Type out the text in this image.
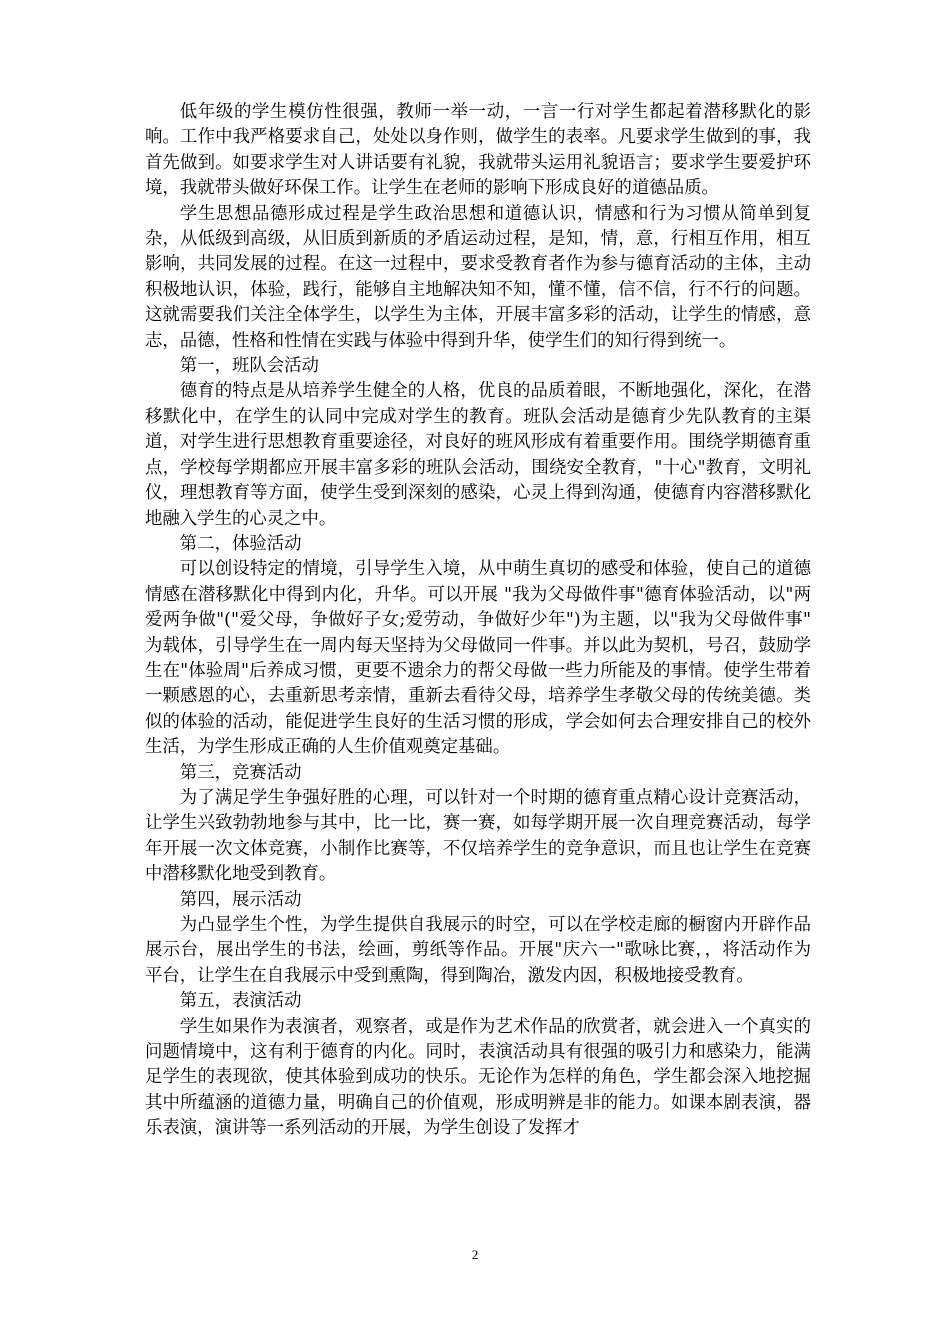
低年级的学生模仿性很强，教师一举一动，一言一行对学生都起着潜移默化的影响。工作中我严格要求自己，处处以身作则，做学生的表率。凡要求学生做到的事，我首先做到。如要求学生对人讲话要有礼貌，我就带头运用礼貌语言；要求学生要爱护环境，我就带头做好环保工作。让学生在老师的影响下形成良好的道德品质。

学生思想品德形成过程是学生政治思想和道德认识，情感和行为习惯从简单到复杂，从低级到高级，从旧质到新质的矛盾运动过程，是知，情，意，行相互作用，相互影响，共同发展的过程。在这一过程中，要求受教育者作为参与德育活动的主体，主动积极地认识，体验，践行，能够自主地解决知不知，懂不懂，信不信，行不行的问题。这就需要我们关注全体学生，以学生为主体，开展丰富多彩的活动，让学生的情感，意志，品德，性格和性情在实践与体验中得到升华，使学生们的知行得到统一。

第一，班队会活动

德育的特点是从培养学生健全的人格，优良的品质着眼，不断地强化，深化，在潜移默化中，在学生的认同中完成对学生的教育。班队会活动是德育少先队教育的主渠道，对学生进行思想教育重要途径，对良好的班风形成有着重要作用。围绕学期德育重点，学校每学期都应开展丰富多彩的班队会活动，围绕安全教育，"十心"教育，文明礼仪，理想教育等方面，使学生受到深刻的感染，心灵上得到沟通，使德育内容潜移默化地融入学生的心灵之中。

第二，体验活动

可以创设特定的情境，引导学生入境，从中萌生真切的感受和体验，使自己的道德情感在潜移默化中得到内化，升华。可以开展 "我为父母做件事"德育体验活动，以"两爱两争做"("爱父母，争做好子女;爱劳动，争做好少年")为主题，以"我为父母做件事" 为载体，引导学生在一周内每天坚持为父母做同一件事。并以此为契机，号召，鼓励学生在"体验周"后养成习惯，更要不遗余力的帮父母做一些力所能及的事情。使学生带着一颗感恩的心，去重新思考亲情，重新去看待父母，培养学生孝敬父母的传统美德。类似的体验的活动，能促进学生良好的生活习惯的形成，学会如何去合理安排自己的校外生活，为学生形成正确的人生价值观奠定基础。

第三，竞赛活动

为了满足学生争强好胜的心理，可以针对一个时期的德育重点精心设计竞赛活动，让学生兴致勃勃地参与其中，比一比，赛一赛，如每学期开展一次自理竞赛活动，每学年开展一次文体竞赛，小制作比赛等，不仅培养学生的竞争意识，而且也让学生在竞赛中潜移默化地受到教育。

第四，展示活动

为凸显学生个性，为学生提供自我展示的时空，可以在学校走廊的橱窗内开辟作品展示台，展出学生的书法，绘画，剪纸等作品。开展"庆六一"歌咏比赛，，将活动作为平台，让学生在自我展示中受到熏陶，得到陶冶，激发内因，积极地接受教育。

第五，表演活动

学生如果作为表演者，观察者，或是作为艺术作品的欣赏者，就会进入一个真实的问题情境中，这有利于德育的内化。同时，表演活动具有很强的吸引力和感染力，能满足学生的表现欲，使其体验到成功的快乐。无论作为怎样的角色，学生都会深入地挖掘其中所蕴涵的道德力量，明确自己的价值观，形成明辨是非的能力。如课本剧表演，器乐表演，演讲等一系列活动的开展，为学生创设了发挥才

2
